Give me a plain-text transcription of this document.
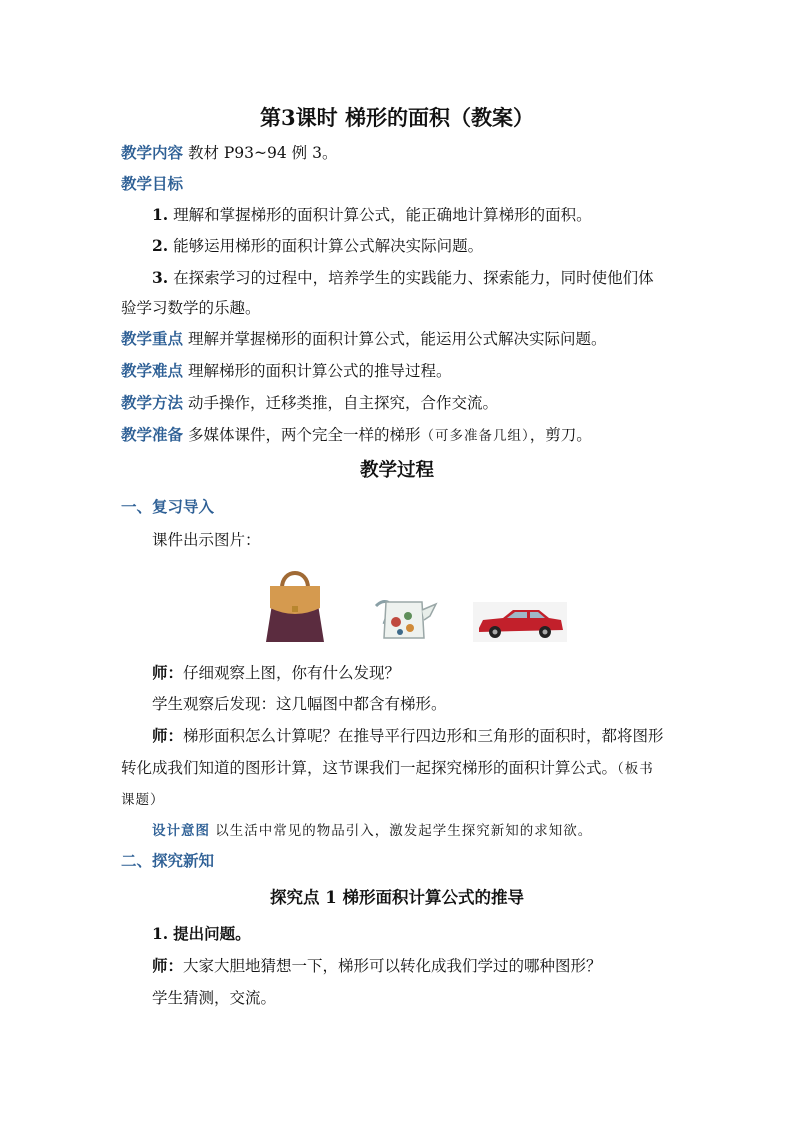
第3课时 梯形的面积（教案）
教学内容 教材 P93~94 例 3。
教学目标
1. 理解和掌握梯形的面积计算公式，能正确地计算梯形的面积。
2. 能够运用梯形的面积计算公式解决实际问题。
3. 在探索学习的过程中，培养学生的实践能力、探索能力，同时使他们体
验学习数学的乐趣。
教学重点 理解并掌握梯形的面积计算公式，能运用公式解决实际问题。
教学难点 理解梯形的面积计算公式的推导过程。
教学方法 动手操作，迁移类推，自主探究，合作交流。
教学准备 多媒体课件，两个完全一样的梯形（可多准备几组），剪刀。
教学过程
一、复习导入
课件出示图片：
师：仔细观察上图，你有什么发现？
学生观察后发现：这几幅图中都含有梯形。
师：梯形面积怎么计算呢？在推导平行四边形和三角形的面积时，都将图形
转化成我们知道的图形计算，这节课我们一起探究梯形的面积计算公式。（板书
课题）
设计意图 以生活中常见的物品引入，激发起学生探究新知的求知欲。
二、探究新知
探究点 1 梯形面积计算公式的推导
1. 提出问题。
师：大家大胆地猜想一下，梯形可以转化成我们学过的哪种图形？
学生猜测，交流。
